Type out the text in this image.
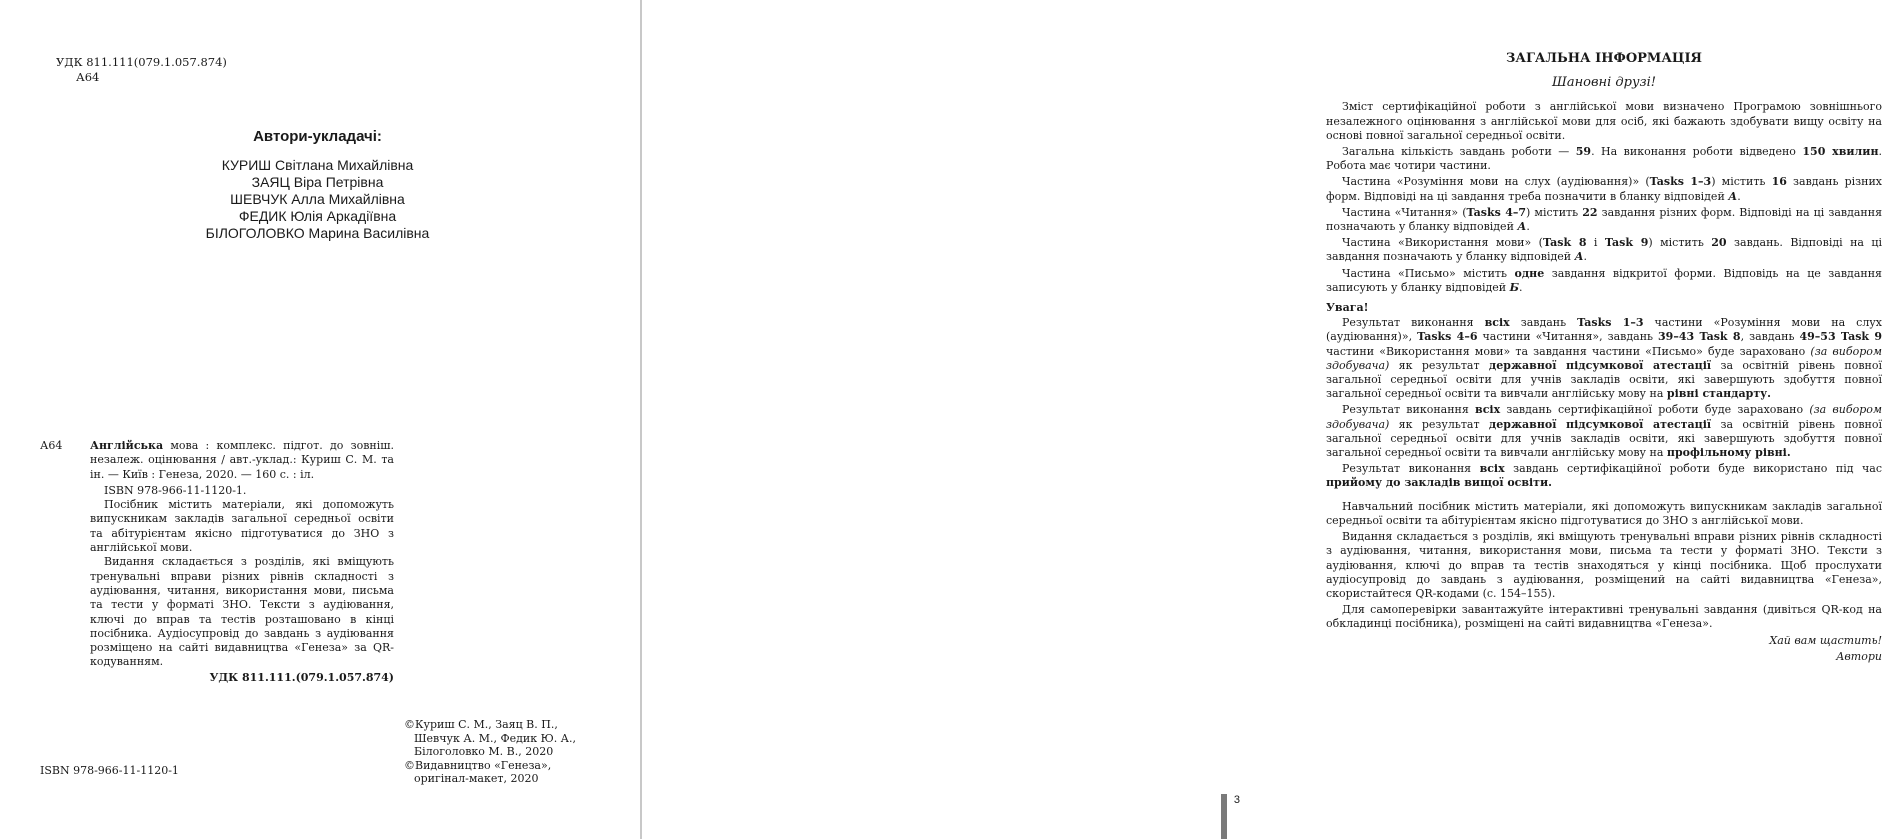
УДК 811.111(079.1.057.874)
А64
Автори-укладачі:
КУРИШ Світлана Михайлівна
ЗАЯЦ Віра Петрівна
ШЕВЧУК Алла Михайлівна
ФЕДИК Юлія Аркадіївна
БІЛОГОЛОВКО Марина Василівна
А64	Англійська мова : комплекс. підгот. до зовніш. незалеж. оцінювання / авт.-уклад.: Куриш С. М. та ін. — Київ : Генеза, 2020. — 160 с. : іл.

ISBN 978-966-11-1120-1.

Посібник містить матеріали, які допоможуть випускникам закладів загальної середньої освіти та абітурієнтам якісно підготуватися до ЗНО з англійської мови.

Видання складається з розділів, які вміщують тренувальні вправи різних рівнів складності з аудіювання, читання, використання мови, письма та тести у форматі ЗНО. Тексти з аудіювання, ключі до вправ та тестів розташовано в кінці посібника. Аудіосупровід до завдань з аудіювання розміщено на сайті видавництва «Генеза» за QR-кодуванням.

УДК 811.111.(079.1.057.874)
©Куриш С. М., Заяц В. П.,
Шевчук А. М., Федик Ю. А.,
Білоголовко М. В., 2020
©Видавництво «Генеза»,
оригінал-макет, 2020
ISBN 978-966-11-1120-1
ЗАГАЛЬНА ІНФОРМАЦІЯ
Шановні друзі!

Зміст сертифікаційної роботи з англійської мови визначено Програмою зовнішнього незалежного оцінювання з англійської мови для осіб, які бажають здобувати вищу освіту на основі повної загальної середньої освіти.

Загальна кількість завдань роботи — 59. На виконання роботи відведено 150 хвилин. Робота має чотири частини.

Частина «Розуміння мови на слух (аудіювання)» (Tasks 1–3) містить 16 завдань різних форм. Відповіді на ці завдання треба позначити в бланку відповідей А.

Частина «Читання» (Tasks 4–7) містить 22 завдання різних форм. Відповіді на ці завдання позначають у бланку відповідей А.

Частина «Використання мови» (Task 8 і Task 9) містить 20 завдань. Відповіді на ці завдання позначають у бланку відповідей А.

Частина «Письмо» містить одне завдання відкритої форми. Відповідь на це завдання записують у бланку відповідей Б.

Увага!

Результат виконання всіх завдань Tasks 1–3 частини «Розуміння мови на слух (аудіювання)», Tasks 4–6 частини «Читання», завдань 39–43 Task 8, завдань 49–53 Task 9 частини «Використання мови» та завдання частини «Письмо» буде зараховано (за вибором здобувача) як результат державної підсумкової атестації за освітній рівень повної загальної середньої освіти для учнів закладів освіти, які завершують здобуття повної загальної середньої освіти та вивчали англійську мову на рівні стандарту.

Результат виконання всіх завдань сертифікаційної роботи буде зараховано (за вибором здобувача) як результат державної підсумкової атестації за освітній рівень повної загальної середньої освіти для учнів закладів освіти, які завершують здобуття повної загальної середньої освіти та вивчали англійську мову на профільному рівні.

Результат виконання всіх завдань сертифікаційної роботи буде використано під час прийому до закладів вищої освіти.

Навчальний посібник містить матеріали, які допоможуть випускникам закладів загальної середньої освіти та абітурієнтам якісно підготуватися до ЗНО з англійської мови.

Видання складається з розділів, які вміщують тренувальні вправи різних рівнів складності з аудіювання, читання, використання мови, письма та тести у форматі ЗНО. Тексти з аудіювання, ключі до вправ та тестів знаходяться у кінці посібника. Щоб прослухати аудіосупровід до завдань з аудіювання, розміщений на сайті видавництва «Генеза», скористайтеся QR-кодами (с. 154–155).

Для самоперевірки завантажуйте інтерактивні тренувальні завдання (дивіться QR-код на обкладинці посібника), розміщені на сайті видавництва «Генеза».

Хай вам щастить!
Автори
3
